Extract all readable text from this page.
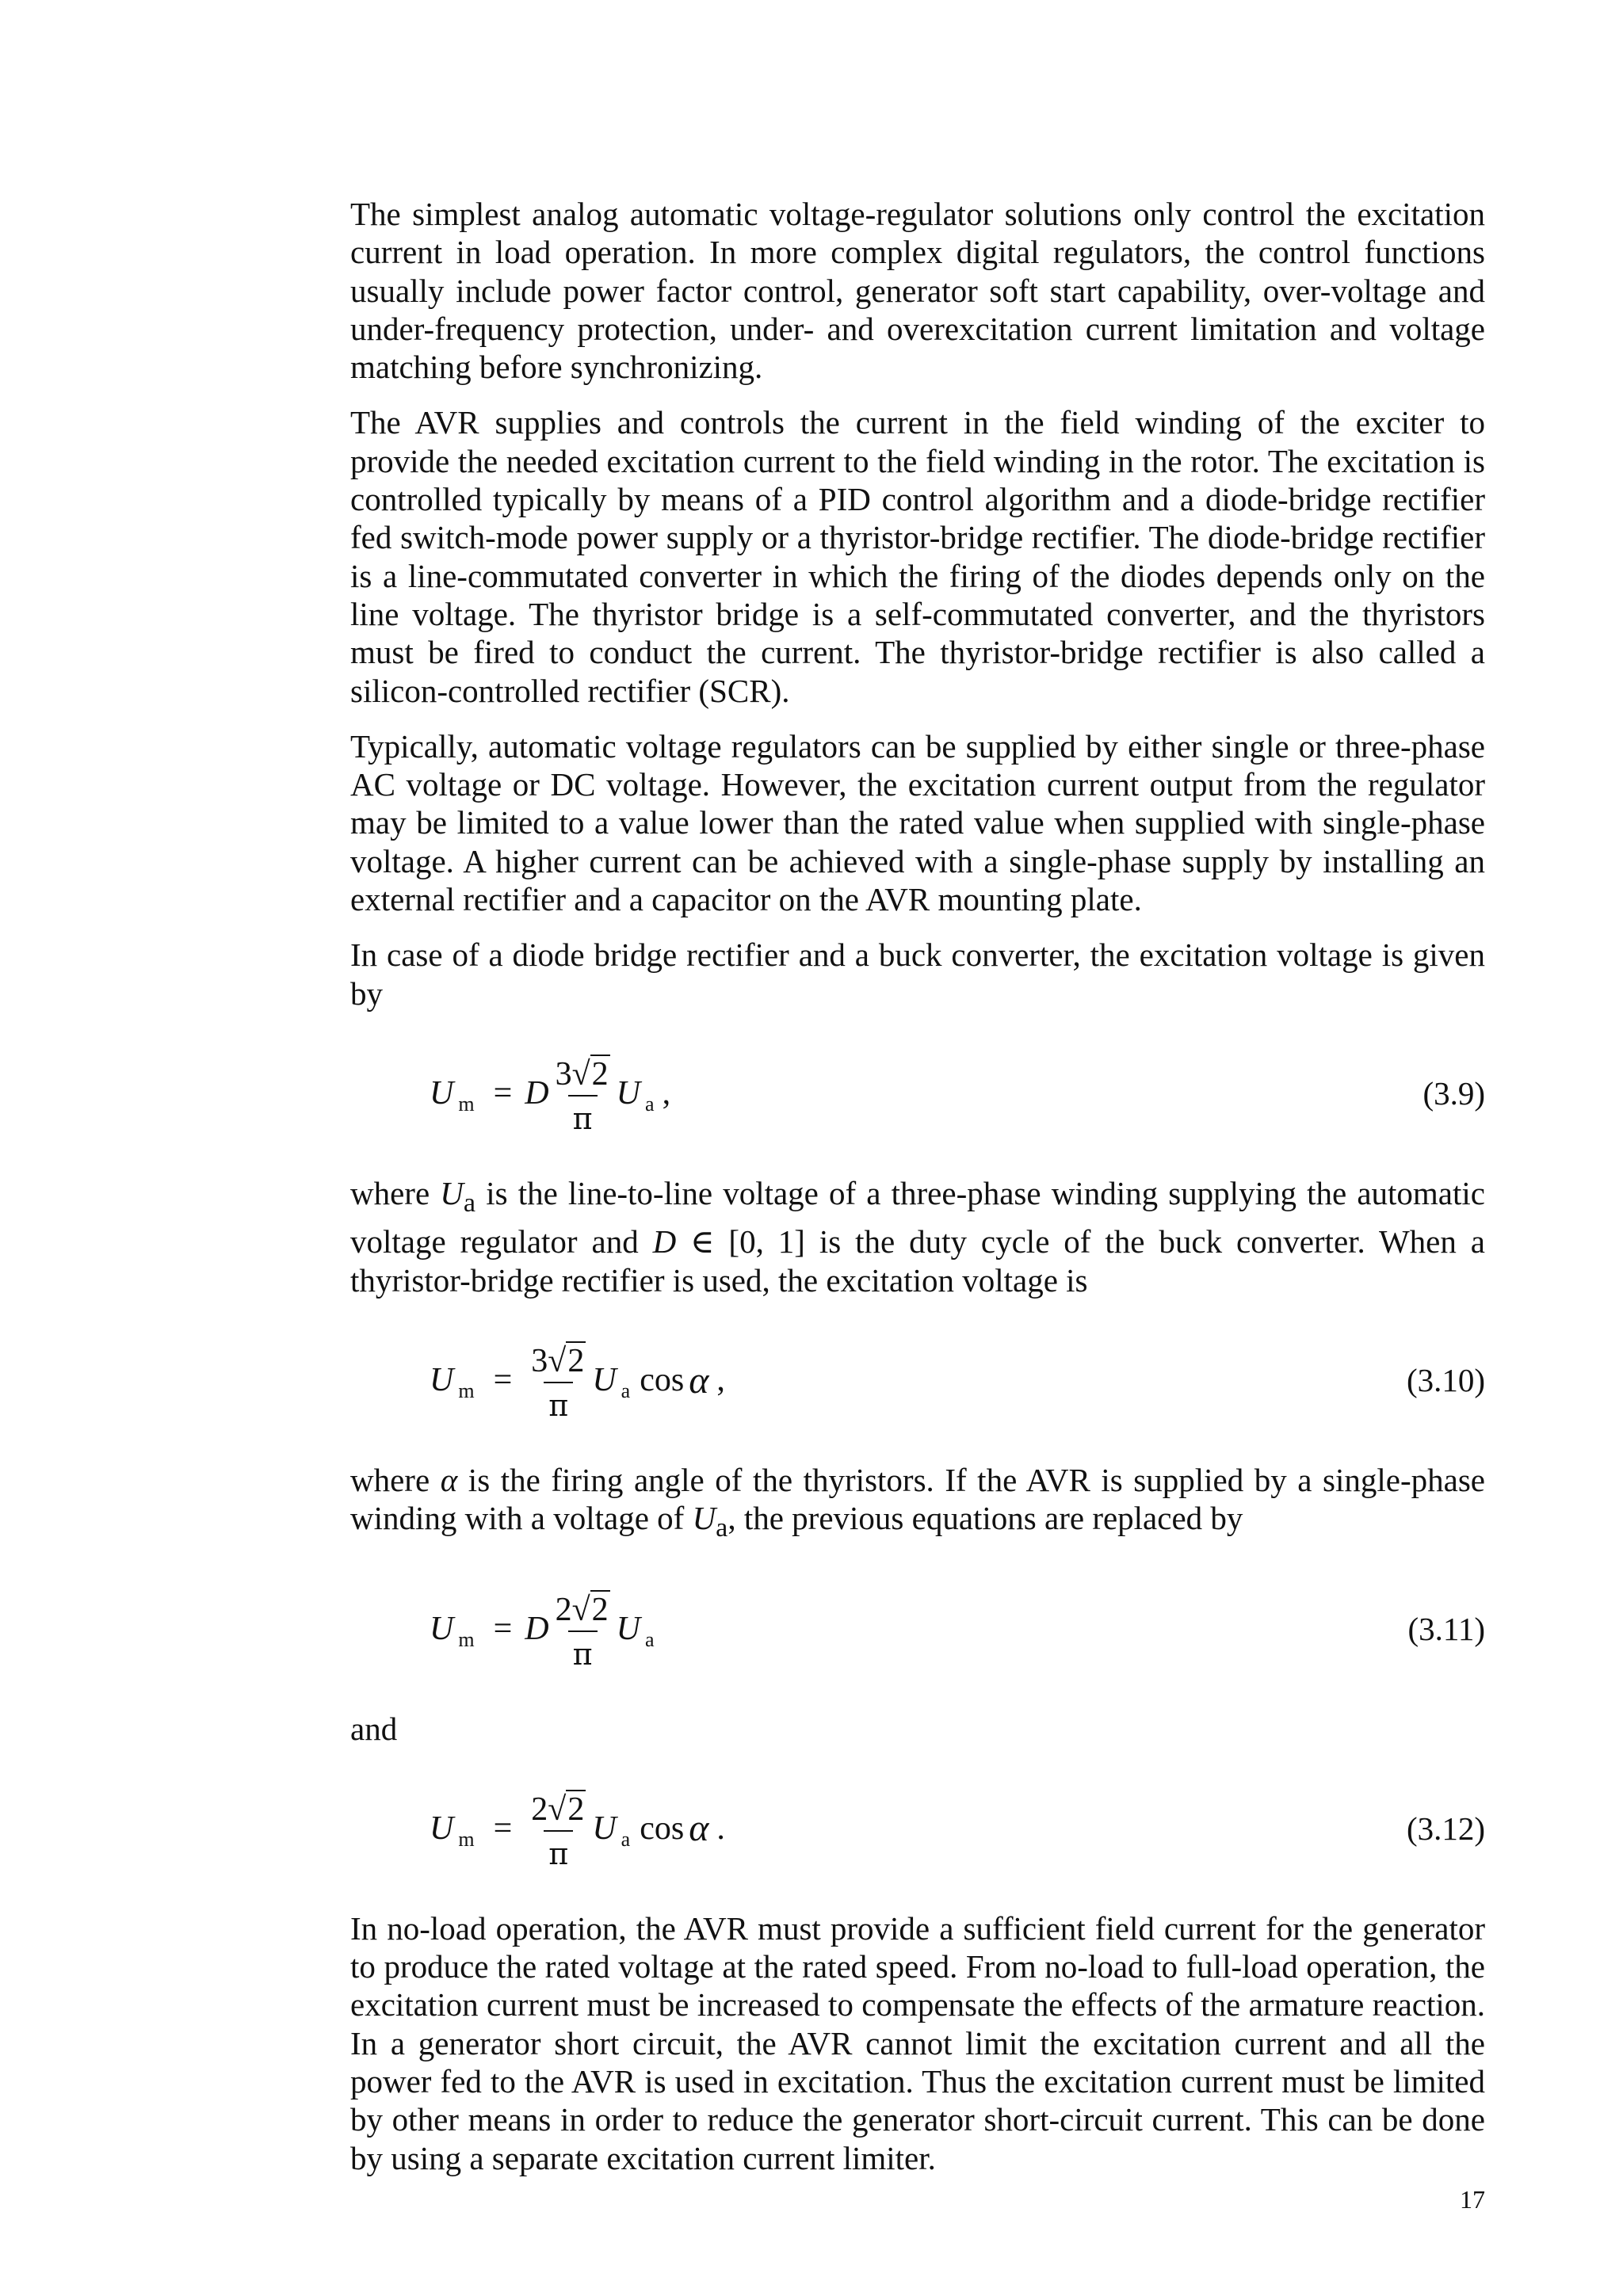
The simplest analog automatic voltage-regulator solutions only control the excitation current in load operation. In more complex digital regulators, the control functions usually include power factor control, generator soft start capability, over-voltage and under-frequency protection, under- and overexcitation current limitation and voltage matching before synchronizing.

The AVR supplies and controls the current in the field winding of the exciter to provide the needed excitation current to the field winding in the rotor. The excitation is controlled typically by means of a PID control algorithm and a diode-bridge rectifier fed switch-mode power supply or a thyristor-bridge rectifier. The diode-bridge rectifier is a line-commutated converter in which the firing of the diodes depends only on the line voltage. The thyristor bridge is a self-commutated converter, and the thyristors must be fired to conduct the current. The thyristor-bridge rectifier is also called a silicon-controlled rectifier (SCR).

Typically, automatic voltage regulators can be supplied by either single or three-phase AC voltage or DC voltage. However, the excitation current output from the regulator may be limited to a value lower than the rated value when supplied with single-phase voltage. A higher current can be achieved with a single-phase supply by installing an external rectifier and a capacitor on the AVR mounting plate.

In case of a diode bridge rectifier and a buck converter, the excitation voltage is given by

U m = D $\frac{3√2}{\pi}$ U a ,	(3.9)

where $U_a$ is the line-to-line voltage of a three-phase winding supplying the automatic voltage regulator and D ∈ [0, 1] is the duty cycle of the buck converter. When a thyristor-bridge rectifier is used, the excitation voltage is

U $m = \frac{3√2}{\pi}$ U a cos α ,	(3.10)

where α is the firing angle of the thyristors. If the AVR is supplied by a single-phase winding with a voltage of $U_a$, the previous equations are replaced by

U m = D $\frac{2√2}{\pi}$ U a	(3.11)
and
U $m = \frac{2√2}{\pi}$ U a cos α .	(3.12)

In no-load operation, the AVR must provide a sufficient field current for the generator to produce the rated voltage at the rated speed. From no-load to full-load operation, the excitation current must be increased to compensate the effects of the armature reaction. In a generator short circuit, the AVR cannot limit the excitation current and all the power fed to the AVR is used in excitation. Thus the excitation current must be limited by other means in order to reduce the generator short-circuit current. This can be done by using a separate excitation current limiter.

17
